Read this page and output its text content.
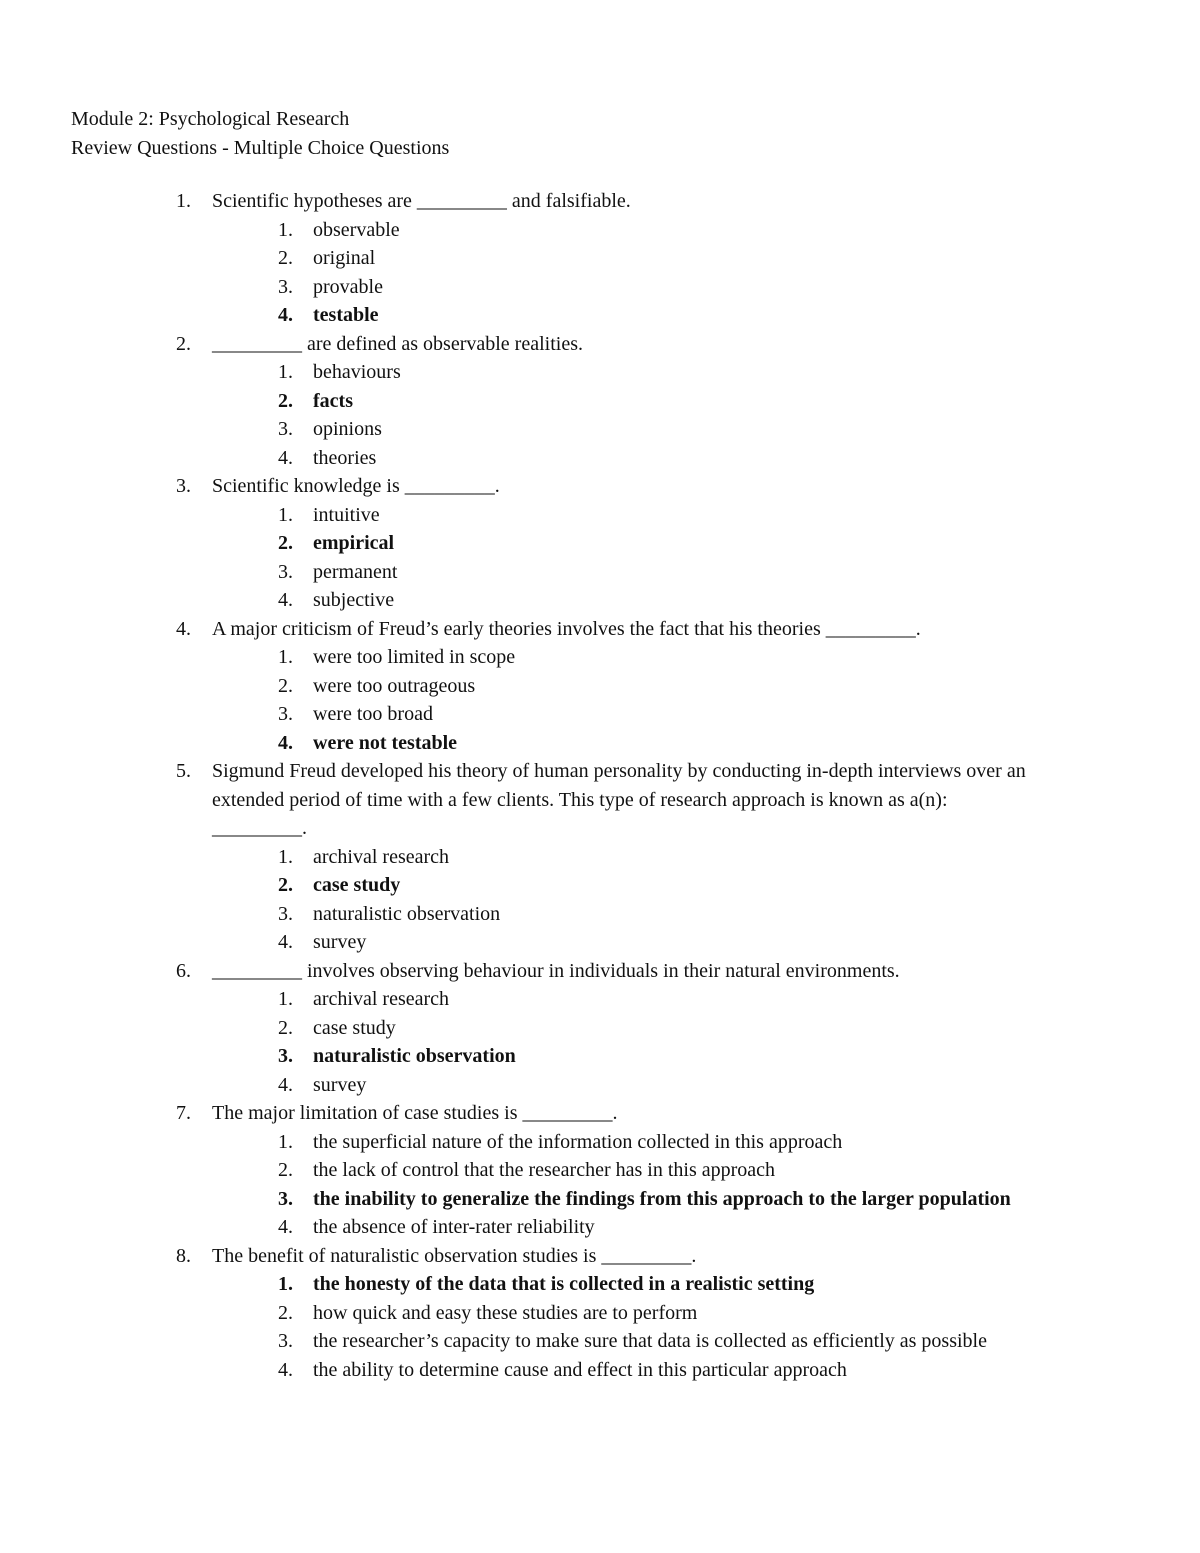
Module 2: Psychological Research
Review Questions - Multiple Choice Questions
1. Scientific hypotheses are _________ and falsifiable.
1. observable
2. original
3. provable
4. testable
2. _________ are defined as observable realities.
1. behaviours
2. facts
3. opinions
4. theories
3. Scientific knowledge is _________.
1. intuitive
2. empirical
3. permanent
4. subjective
4. A major criticism of Freud’s early theories involves the fact that his theories _________.
1. were too limited in scope
2. were too outrageous
3. were too broad
4. were not testable
5. Sigmund Freud developed his theory of human personality by conducting in-depth interviews over an extended period of time with a few clients. This type of research approach is known as a(n): _________.
1. archival research
2. case study
3. naturalistic observation
4. survey
6. _________ involves observing behaviour in individuals in their natural environments.
1. archival research
2. case study
3. naturalistic observation
4. survey
7. The major limitation of case studies is _________.
1. the superficial nature of the information collected in this approach
2. the lack of control that the researcher has in this approach
3. the inability to generalize the findings from this approach to the larger population
4. the absence of inter-rater reliability
8. The benefit of naturalistic observation studies is _________.
1. the honesty of the data that is collected in a realistic setting
2. how quick and easy these studies are to perform
3. the researcher’s capacity to make sure that data is collected as efficiently as possible
4. the ability to determine cause and effect in this particular approach
